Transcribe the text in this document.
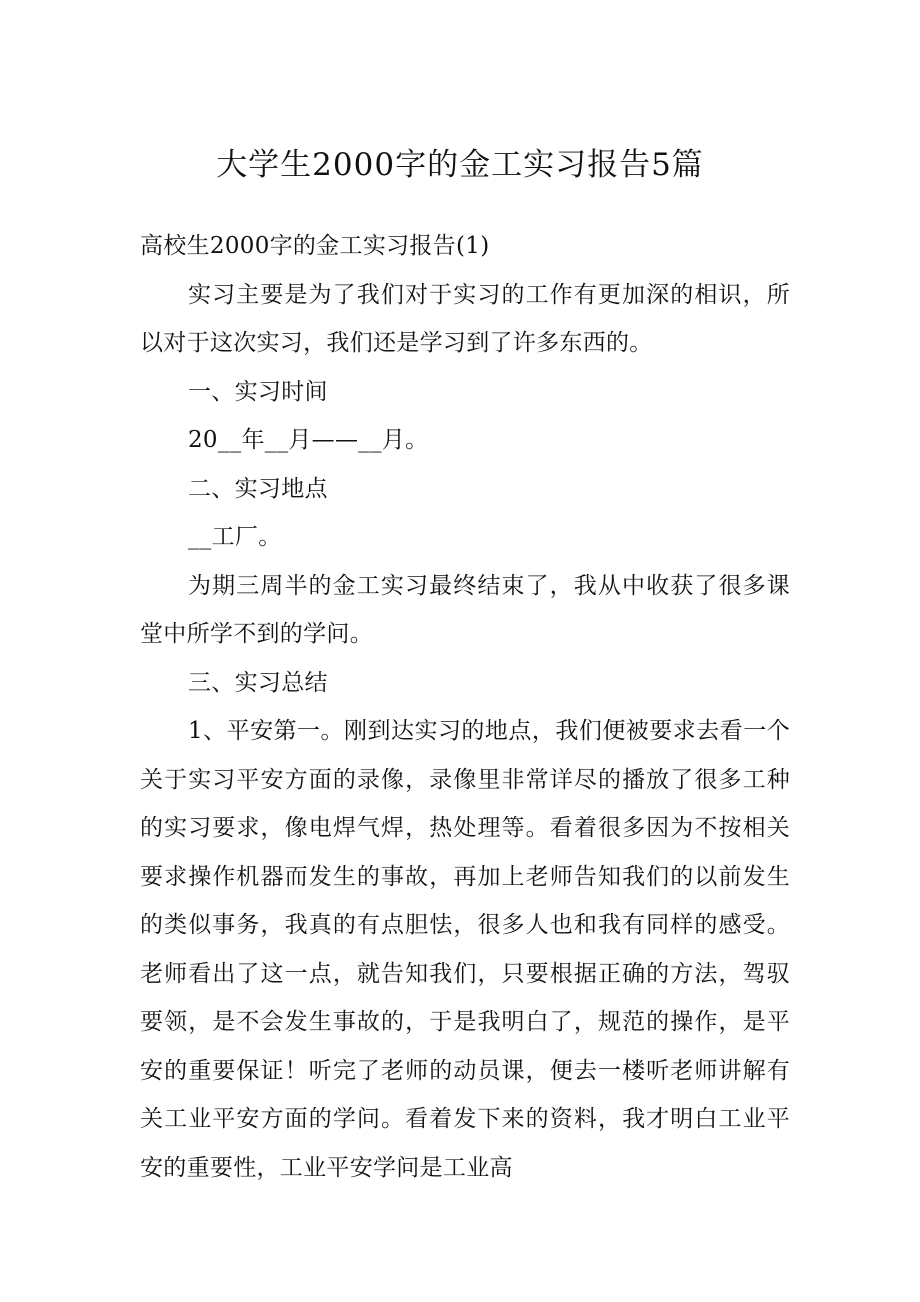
大学生2000字的金工实习报告5篇

高校生2000字的金工实习报告(1)

实习主要是为了我们对于实习的工作有更加深的相识，所以对于这次实习，我们还是学习到了许多东西的。

一、实习时间

20__年__月——__月。

二、实习地点

__工厂。

为期三周半的金工实习最终结束了，我从中收获了很多课堂中所学不到的学问。

三、实习总结

1、平安第一。刚到达实习的地点，我们便被要求去看一个关于实习平安方面的录像，录像里非常详尽的播放了很多工种的实习要求，像电焊气焊，热处理等。看着很多因为不按相关要求操作机器而发生的事故，再加上老师告知我们的以前发生的类似事务，我真的有点胆怯，很多人也和我有同样的感受。老师看出了这一点，就告知我们，只要根据正确的方法，驾驭要领，是不会发生事故的，于是我明白了，规范的操作，是平安的重要保证！听完了老师的动员课，便去一楼听老师讲解有关工业平安方面的学问。看着发下来的资料，我才明白工业平安的重要性，工业平安学问是工业高
